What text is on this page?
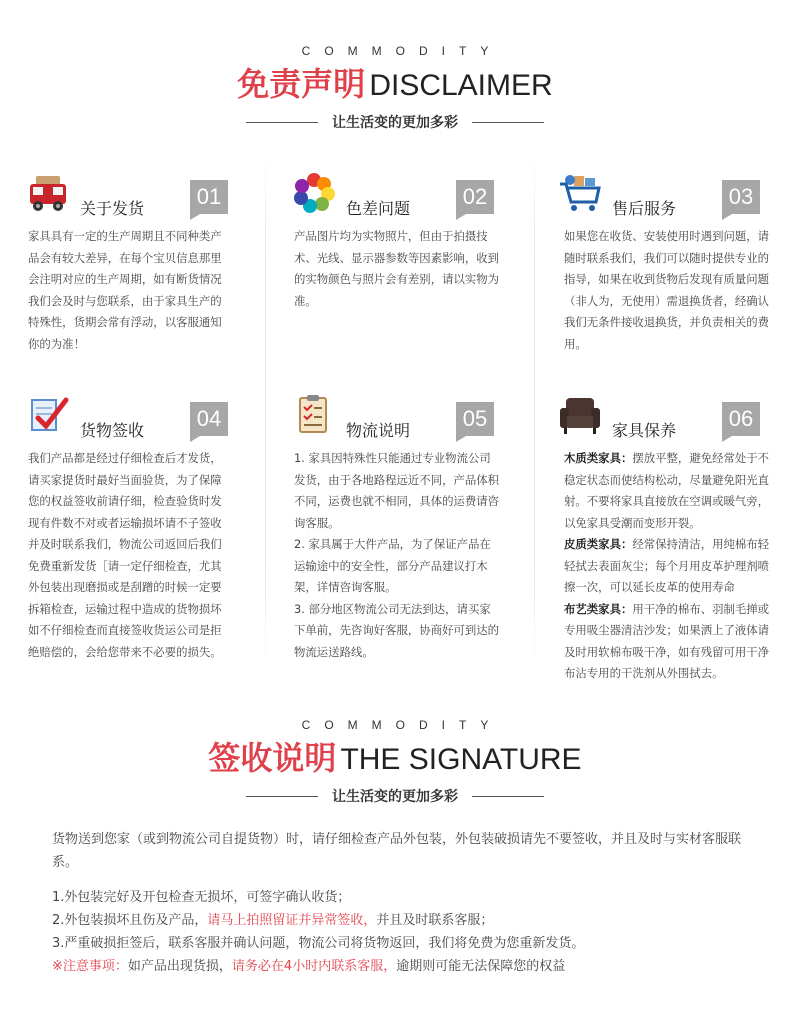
COMMODITY
免责声明 DISCLAIMER
让生活变的更加多彩
关于发货	01

家具具有一定的生产周期且不同种类产品会有较大差异，在每个宝贝信息那里会注明对应的生产周期，如有断货情况我们会及时与您联系，由于家具生产的特殊性，货期会常有浮动，以客服通知你的为准！

色差问题	02

产品图片均为实物照片，但由于拍摄技术、光线、显示器参数等因素影响，收到的实物颜色与照片会有差别，请以实物为准。

售后服务	03

如果您在收货、安装使用时遇到问题，请随时联系我们，我们可以随时提供专业的指导，如果在收到货物后发现有质量问题（非人为，无使用）需退换货者，经确认我们无条件接收退换货，并负责相关的费用。

货物签收	04

我们产品都是经过仔细检查后才发货，请买家提货时最好当面验货，为了保障您的权益签收前请仔细，检查验货时发现有件数不对或者运输损坏请不子签收并及时联系我们，物流公司返回后我们免费重新发货［请一定仔细检查，尤其外包装出现磨损或是刮蹭的时候一定要拆箱检查，运输过程中造成的货物损坏如不仔细检查而直接签收货运公司是拒绝赔偿的，会给您带来不必要的损失。

物流说明	05

1. 家具因特殊性只能通过专业物流公司发货，由于各地路程远近不同，产品体积不同，运费也就不相同，具体的运费请咨询客服。

2. 家具属于大件产品，为了保证产品在运输途中的安全性，部分产品建议打木架，详情咨询客服。

3. 部分地区物流公司无法到达，请买家下单前，先咨询好客服，协商好可到达的物流运送路线。

家具保养	06

木质类家具：摆放平整，避免经常处于不稳定状态而使结构松动，尽量避免阳光直射。不要将家具直接放在空调或暖气旁，以免家具受潮而变形开裂。

皮质类家具：经常保持清洁，用纯棉布轻轻拭去表面灰尘；每个月用皮革护理剂喷擦一次，可以延长皮革的使用寿命

布艺类家具：用干净的棉布、羽制毛掸或专用吸尘器清洁沙发；如果洒上了液体请及时用软棉布吸干净，如有残留可用干净布沾专用的干洗剂从外围拭去。

COMMODITY
签收说明 THE SIGNATURE
让生活变的更加多彩

货物送到您家（或到物流公司自提货物）时，请仔细检查产品外包装，外包装破损请先不要签收，并且及时与实材客服联系。

1.外包装完好及开包检查无损坏，可签字确认收货；

2.外包装损坏且伤及产品，请马上拍照留证并异常签收，并且及时联系客服；

3.严重破损拒签后，联系客服并确认问题，物流公司将货物返回，我们将免费为您重新发货。

※注意事项：如产品出现货损，请务必在4小时内联系客服，逾期则可能无法保障您的权益
